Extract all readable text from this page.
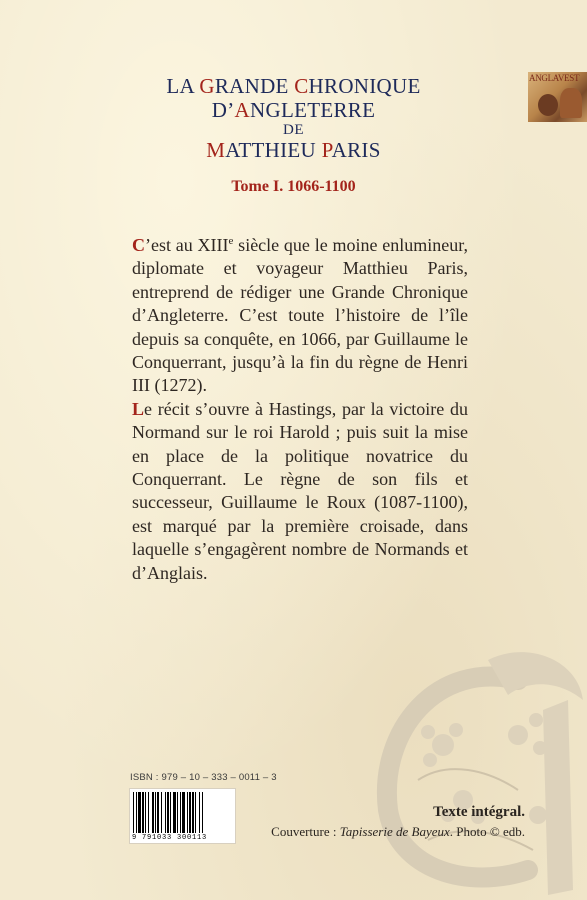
ANGLAVEST
LA GRANDE CHRONIQUE
D’ANGLETERRE
DE
MATTHIEU PARIS
Tome I. 1066-1100

C’est au XIIIe siècle que le moine enlumineur, diplomate et voyageur Matthieu Paris, entreprend de rédiger une Grande Chronique d’Angleterre. C’est toute l’histoire de l’île depuis sa conquête, en 1066, par Guillaume le Conquerrant, jusqu’à la fin du règne de Henri III (1272).

Le récit s’ouvre à Hastings, par la victoire du Normand sur le roi Harold ; puis suit la mise en place de la politique novatrice du Conquerrant. Le règne de son fils et successeur, Guillaume le Roux (1087-1100), est marqué par la première croisade, dans laquelle s’engagèrent nombre de Normands et d’Anglais.

ISBN : 979 – 10 – 333 – 0011 – 3
9 791033 300113
Texte intégral.
Couverture : Tapisserie de Bayeux. Photo © edb.
